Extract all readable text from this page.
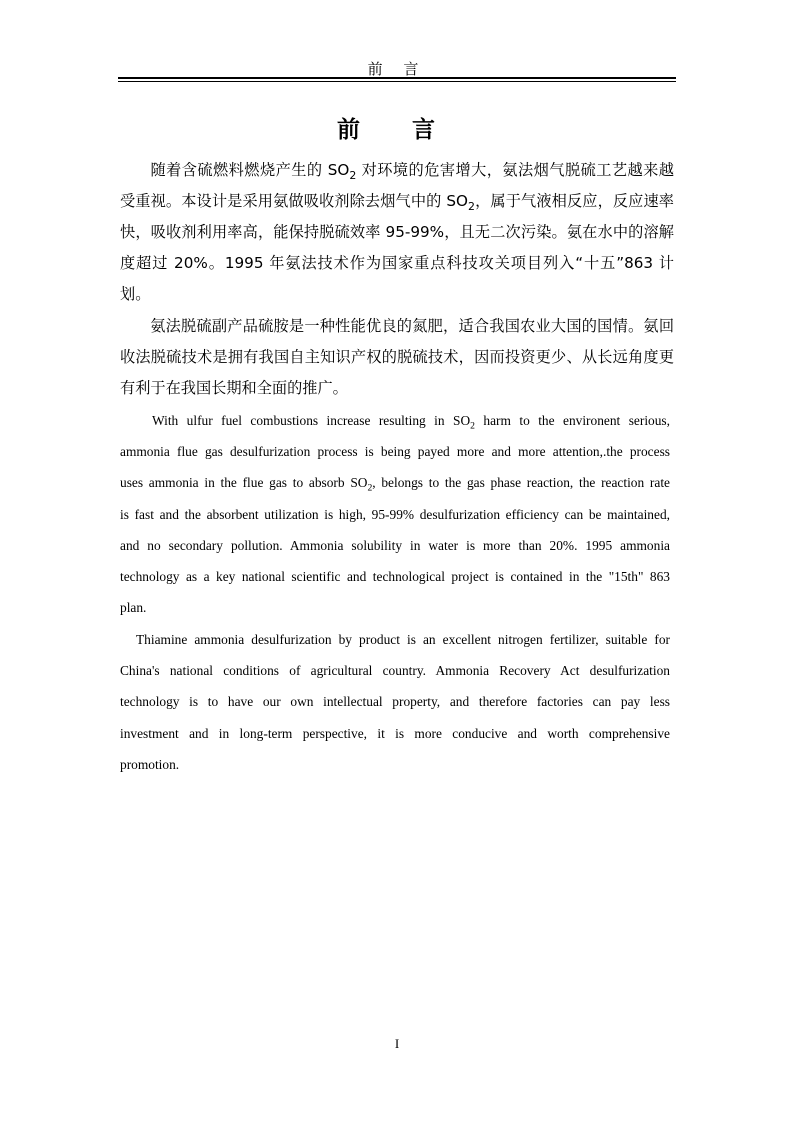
前 言
前 言

随着含硫燃料燃烧产生的 $SO_2$ 对环境的危害增大，氨法烟气脱硫工艺越来越受重视。本设计是采用氨做吸收剂除去烟气中的 $SO_2$，属于气液相反应，反应速率快，吸收剂利用率高，能保持脱硫效率 95-99%，且无二次污染。氨在水中的溶解度超过 20%。1995 年氨法技术作为国家重点科技攻关项目列入“十五”863 计划。

氨法脱硫副产品硫胺是一种性能优良的氮肥，适合我国农业大国的国情。氨回收法脱硫技术是拥有我国自主知识产权的脱硫技术，因而投资更少、从长远角度更有利于在我国长期和全面的推广。

With ulfur fuel combustions increase resulting in $SO_2$ harm to the environent serious, ammonia flue gas desulfurization process is being payed more and more attention,.the process uses ammonia in the flue gas to absorb $SO_2$, belongs to the gas phase reaction, the reaction rate is fast and the absorbent utilization is high, 95-99% desulfurization efficiency can be maintained, and no secondary pollution. Ammonia solubility in water is more than 20%. 1995 ammonia technology as a key national scientific and technological project is contained in the "15th" 863 plan.

Thiamine ammonia desulfurization by product is an excellent nitrogen fertilizer, suitable for China's national conditions of agricultural country. Ammonia Recovery Act desulfurization technology is to have our own intellectual property, and therefore factories can pay less investment and in long-term perspective, it is more conducive and worth comprehensive promotion.

I
